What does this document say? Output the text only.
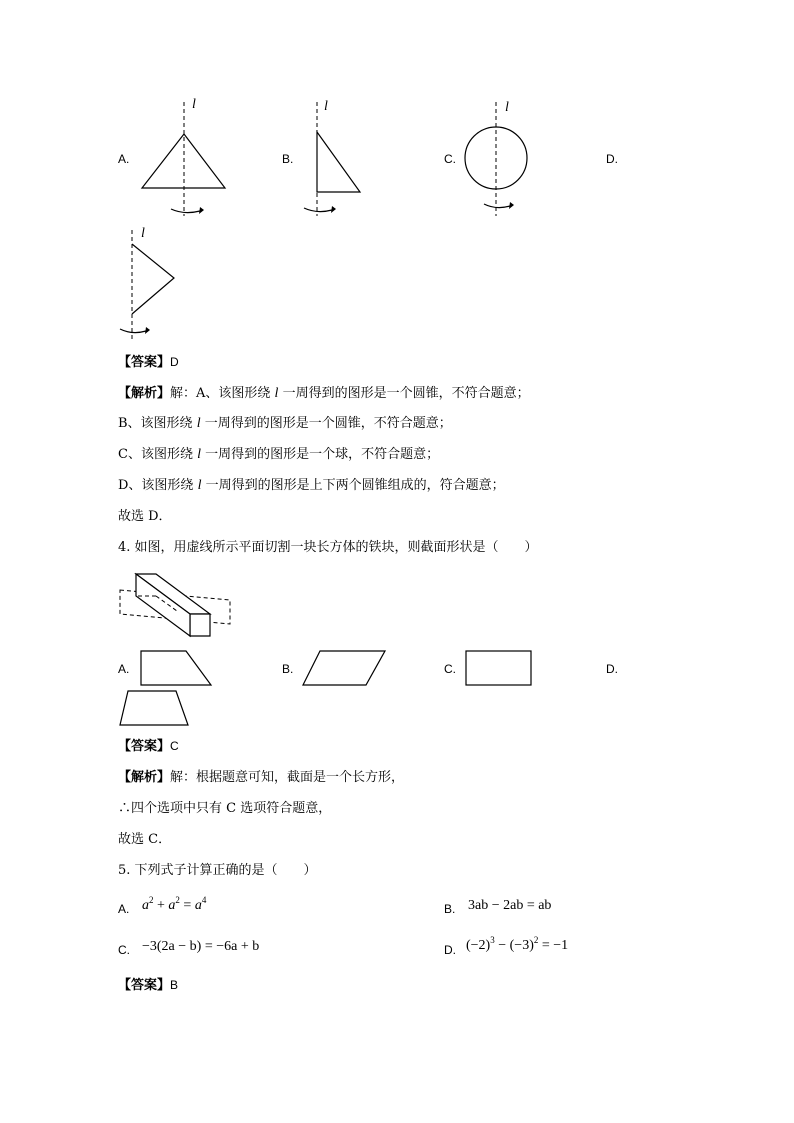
A.
l
B.
l
C.
l
D.
l
【答案】D
【解析】解：A、该图形绕 l 一周得到的图形是一个圆锥，不符合题意；
B、该图形绕 l 一周得到的图形是一个圆锥，不符合题意；
C、该图形绕 l 一周得到的图形是一个球，不符合题意；
D、该图形绕 l 一周得到的图形是上下两个圆锥组成的，符合题意；
故选 D．
4. 如图，用虚线所示平面切割一块长方体的铁块，则截面形状是（　　）
A.	B.	C.	D.
【答案】C
【解析】解：根据题意可知，截面是一个长方形，
∴四个选项中只有 C 选项符合题意，
故选 C．
5. 下列式子计算正确的是（　　）
A. $a^2 + a^2 = a^4$
B. 3ab − 2ab = ab
C. −3(2a − b) = −6a + b	D. $(-2)^3 - (-3)^2 = -1$
【答案】B
